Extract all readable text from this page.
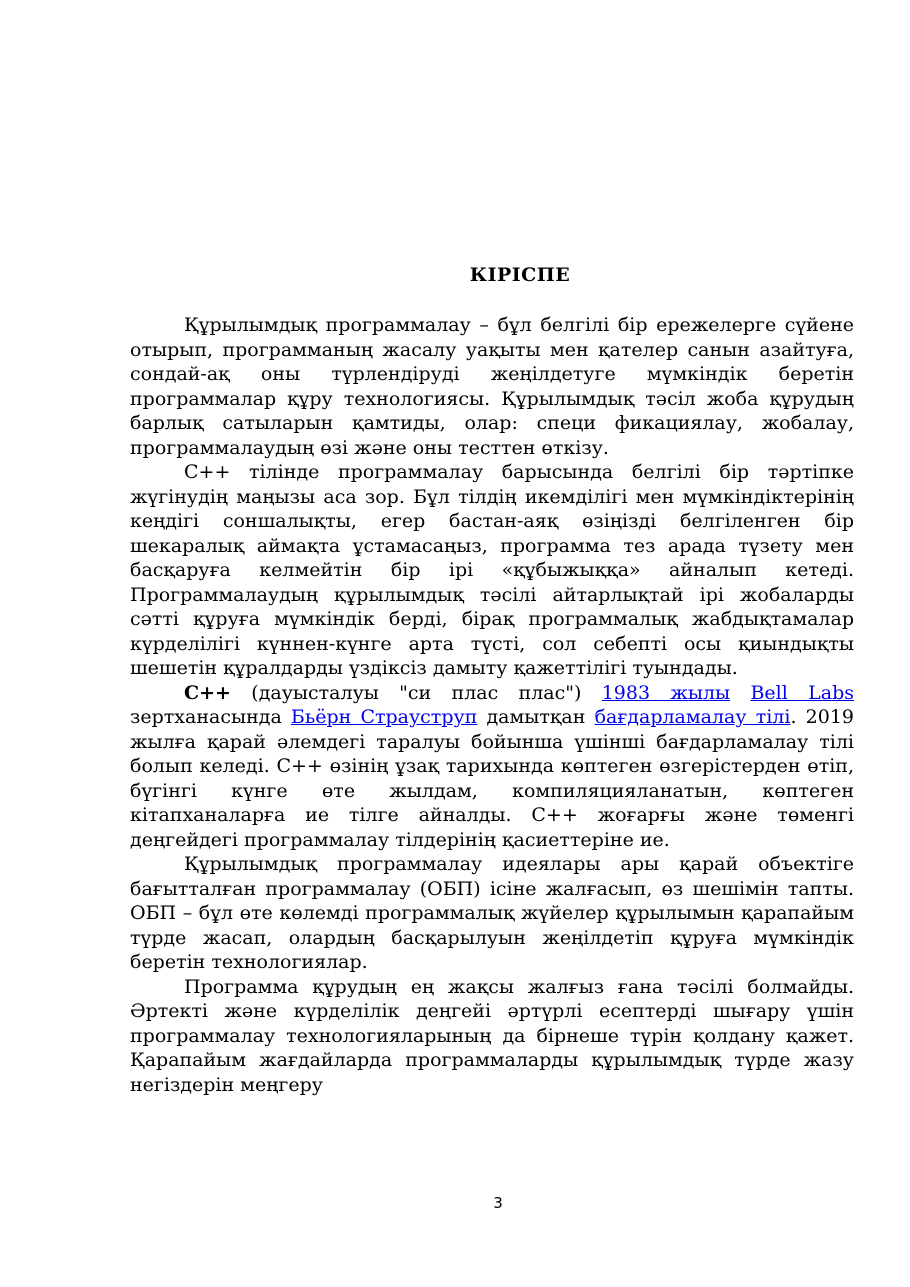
КІРІСПЕ

Құрылымдық программалау – бұл белгілі бір ережелерге сүйене отырып, программаның жасалу уақыты мен қателер санын азайтуға, сондай-ақ оны түрлендіруді жеңілдетуге мүмкіндік беретін программалар құру технологиясы. Құрылымдық тәсіл жоба құрудың барлық сатыларын қамтиды, олар: специ фикациялау, жобалау, программалаудың өзі және оны тесттен өткізу.

С++ тілінде программалау барысында белгілі бір тәртіпке жүгінудің маңызы аса зор. Бұл тілдің икемділігі мен мүмкіндіктерінің кеңдігі соншалықты, егер бастан-аяқ өзіңізді белгіленген бір шекаралық аймақта ұстамасаңыз, программа тез арада түзету мен басқаруға келмейтін бір ірі «құбыжыққа» айналып кетеді. Программалаудың құрылымдық тәсілі айтарлықтай ірі жобаларды сәтті құруға мүмкіндік берді, бірақ программалық жабдықтамалар күрделілігі күннен-күнге арта түсті, сол себепті осы қиындықты шешетін құралдарды үздіксіз дамыту қажеттілігі туындады.

C++ (дауысталуы "си плас плас") 1983 жылы Bell Labs зертханасында Бьёрн Страуструп дамытқан бағдарламалау тілі. 2019 жылға қарай әлемдегі таралуы бойынша үшінші бағдарламалау тілі болып келеді. C++ өзінің ұзақ тарихында көптеген өзгерістерден өтіп, бүгінгі күнге өте жылдам, компиляцияланатын, көптеген кітапханаларға ие тілге айналды. C++ жоғарғы және төменгі деңгейдегі программалау тілдерінің қасиеттеріне ие.

Құрылымдық программалау идеялары ары қарай объектіге бағытталған программалау (ОБП) ісіне жалғасып, өз шешімін тапты. ОБП – бұл өте көлемді программалық жүйелер құрылымын қарапайым түрде жасап, олардың басқарылуын жеңілдетіп құруға мүмкіндік беретін технологиялар.

Программа құрудың ең жақсы жалғыз ғана тәсілі болмайды. Әртекті және күрделілік деңгейі әртүрлі есептерді шығару үшін программалау технологияларының да бірнеше түрін қолдану қажет. Қарапайым жағдайларда программаларды құрылымдық түрде жазу негіздерін меңгеру

3
